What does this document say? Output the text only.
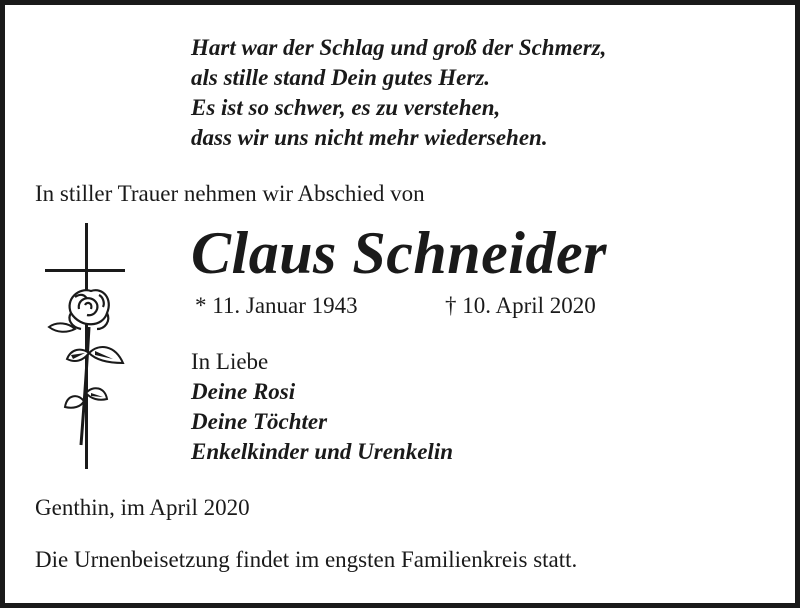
Hart war der Schlag und groß der Schmerz,
als stille stand Dein gutes Herz.
Es ist so schwer, es zu verstehen,
dass wir uns nicht mehr wiedersehen.
In stiller Trauer nehmen wir Abschied von
Claus Schneider
* 11. Januar 1943	† 10. April 2020
In Liebe
Deine Rosi
Deine Töchter
Enkelkinder und Urenkelin
Genthin, im April 2020
Die Urnenbeisetzung findet im engsten Familienkreis statt.
